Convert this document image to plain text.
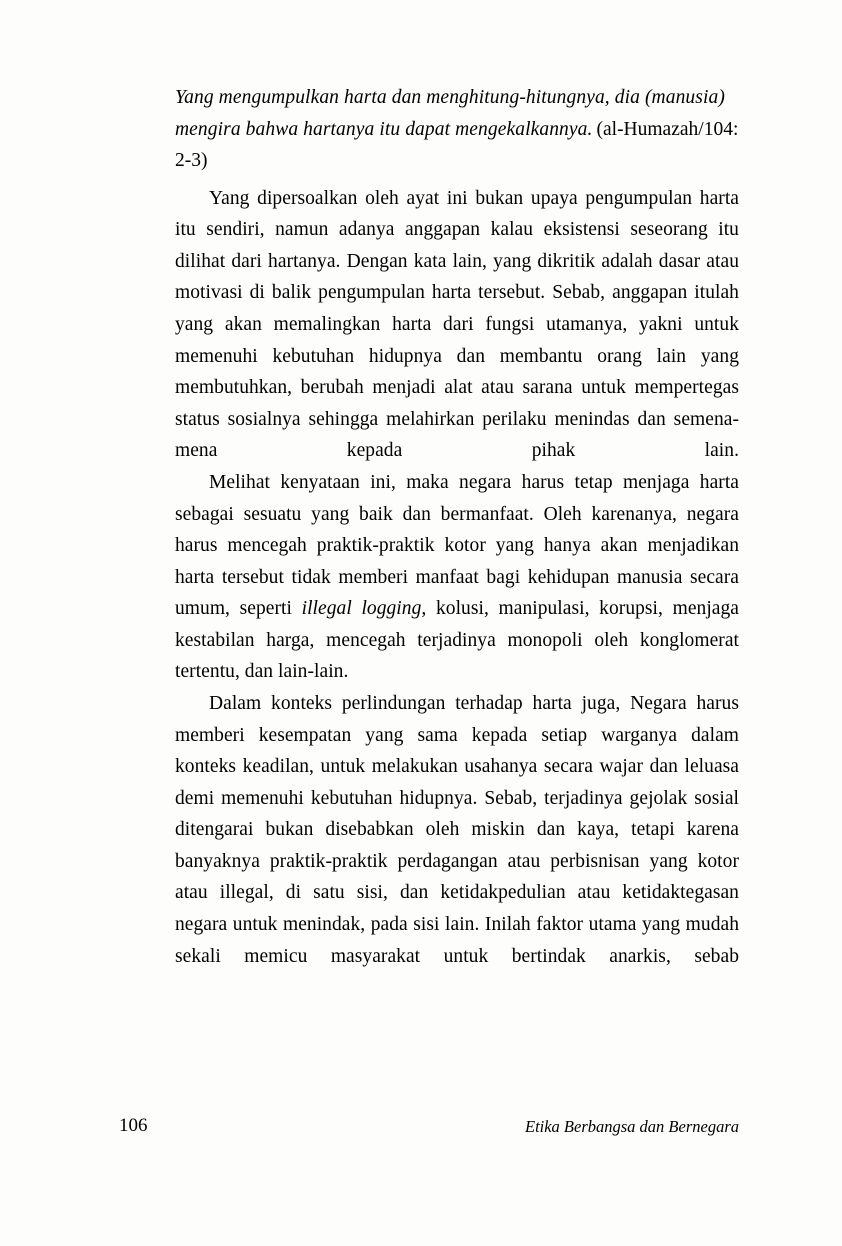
Yang mengumpulkan harta dan menghitung-hitungnya, dia (manusia) mengira bahwa hartanya itu dapat mengekalkannya. (al-Humazah/104: 2-3)

Yang dipersoalkan oleh ayat ini bukan upaya pengumpulan harta itu sendiri, namun adanya anggapan kalau eksistensi seseorang itu dilihat dari hartanya. Dengan kata lain, yang dikritik adalah dasar atau motivasi di balik pengumpulan harta tersebut. Sebab, anggapan itulah yang akan memalingkan harta dari fungsi utamanya, yakni untuk memenuhi kebutuhan hidupnya dan membantu orang lain yang membutuhkan, berubah menjadi alat atau sarana untuk mempertegas status sosialnya sehingga melahirkan perilaku menindas dan semena-mena kepada pihak lain.

Melihat kenyataan ini, maka negara harus tetap menjaga harta sebagai sesuatu yang baik dan bermanfaat. Oleh karenanya, negara harus mencegah praktik-praktik kotor yang hanya akan menjadikan harta tersebut tidak memberi manfaat bagi kehidupan manusia secara umum, seperti illegal logging, kolusi, manipulasi, korupsi, menjaga kestabilan harga, mencegah terjadinya monopoli oleh konglomerat tertentu, dan lain-lain.

Dalam konteks perlindungan terhadap harta juga, Negara harus memberi kesempatan yang sama kepada setiap warganya dalam konteks keadilan, untuk melakukan usahanya secara wajar dan leluasa demi memenuhi kebutuhan hidupnya. Sebab, terjadinya gejolak sosial ditengarai bukan disebabkan oleh miskin dan kaya, tetapi karena banyaknya praktik-praktik perdagangan atau perbisnisan yang kotor atau illegal, di satu sisi, dan ketidakpedulian atau ketidaktegasan negara untuk menindak, pada sisi lain. Inilah faktor utama yang mudah sekali memicu masyarakat untuk bertindak anarkis, sebab

106	Etika Berbangsa dan Bernegara
